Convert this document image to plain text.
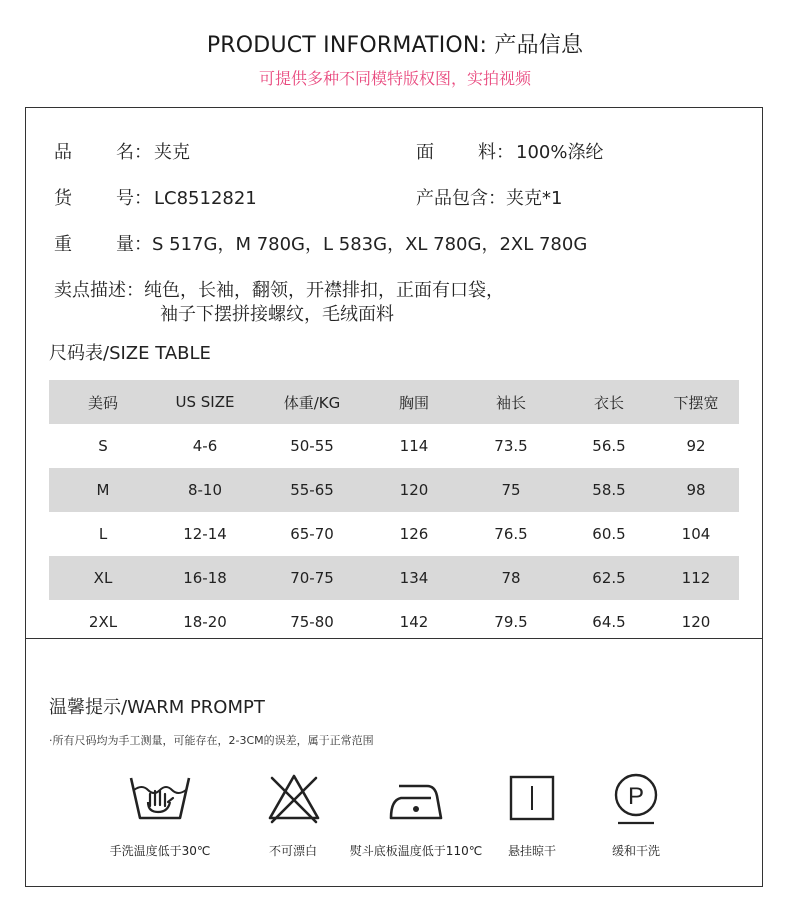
PRODUCT INFORMATION: 产品信息
可提供多种不同模特版权图，实拍视频
品 名： 夹克	面 料： 100%涤纶
货 号： LC8512821	产品包含：夹克*1
重 量：S 517G，M 780G，L 583G，XL 780G，2XL 780G
卖点描述：纯色，长袖，翻领，开襟排扣，正面有口袋，
袖子下摆拼接螺纹，毛绒面料
尺码表/SIZE TABLE
美码	US SIZE	体重/KG	胸围	袖长	衣长	下摆宽
S	4-6	50-55	114	73.5	56.5	92
M	8-10	55-65	120	75	58.5	98
L	12-14	65-70	126	76.5	60.5	104
XL	16-18	70-75	134	78	62.5	112
2XL	18-20	75-80	142	79.5	64.5	120
温馨提示/WARM PROMPT
·所有尺码均为手工测量，可能存在，2-3CM的误差，属于正常范围
P
手洗温度低于30℃	不可漂白	熨斗底板温度低于110℃ 悬挂晾干	缓和干洗
